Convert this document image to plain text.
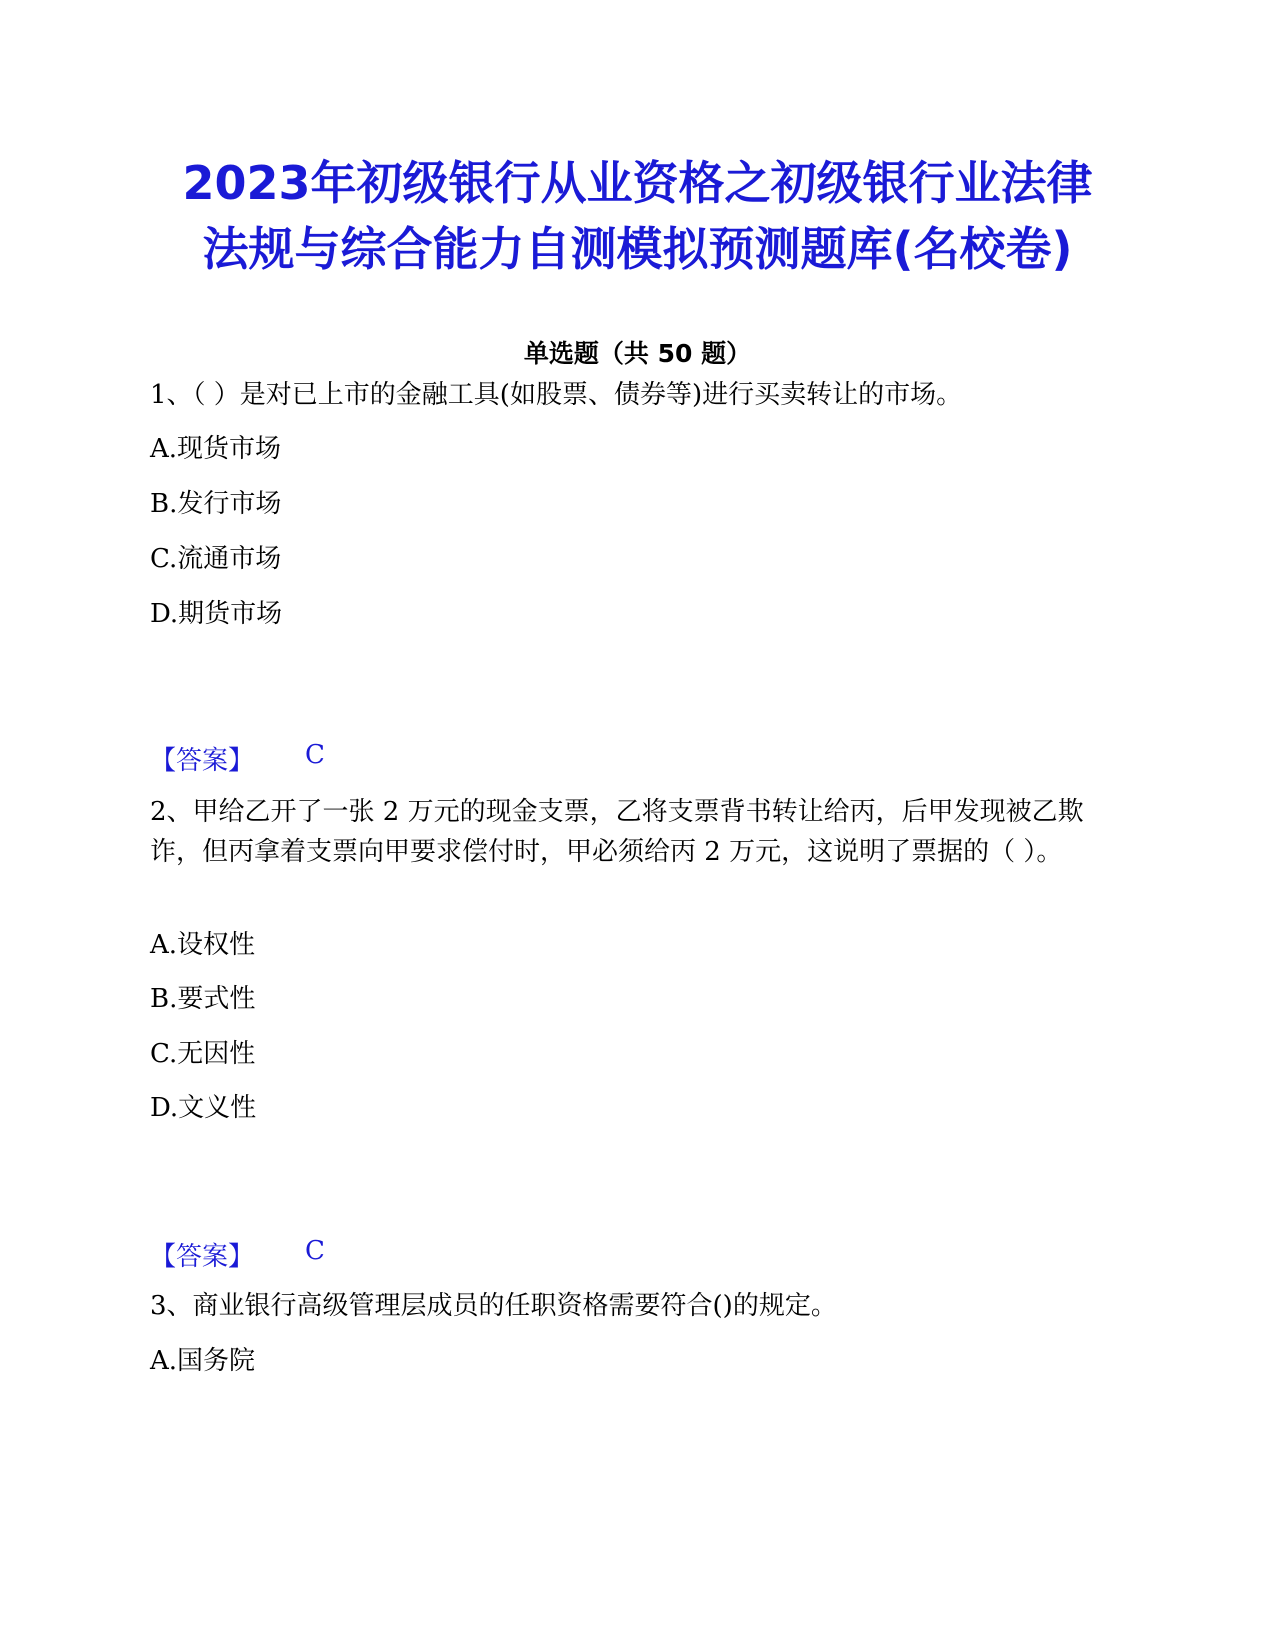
2023年初级银行从业资格之初级银行业法律
法规与综合能力自测模拟预测题库(名校卷)
单选题（共 50 题）
1、（ ）是对已上市的金融工具(如股票、债券等)进行买卖转让的市场。
A.现货市场
B.发行市场
C.流通市场
D.期货市场
【答案】 C
2、甲给乙开了一张 2 万元的现金支票，乙将支票背书转让给丙，后甲发现被乙欺诈，但丙拿着支票向甲要求偿付时，甲必须给丙 2 万元，这说明了票据的（ ）。
A.设权性
B.要式性
C.无因性
D.文义性
【答案】 C
3、商业银行高级管理层成员的任职资格需要符合()的规定。
A.国务院
